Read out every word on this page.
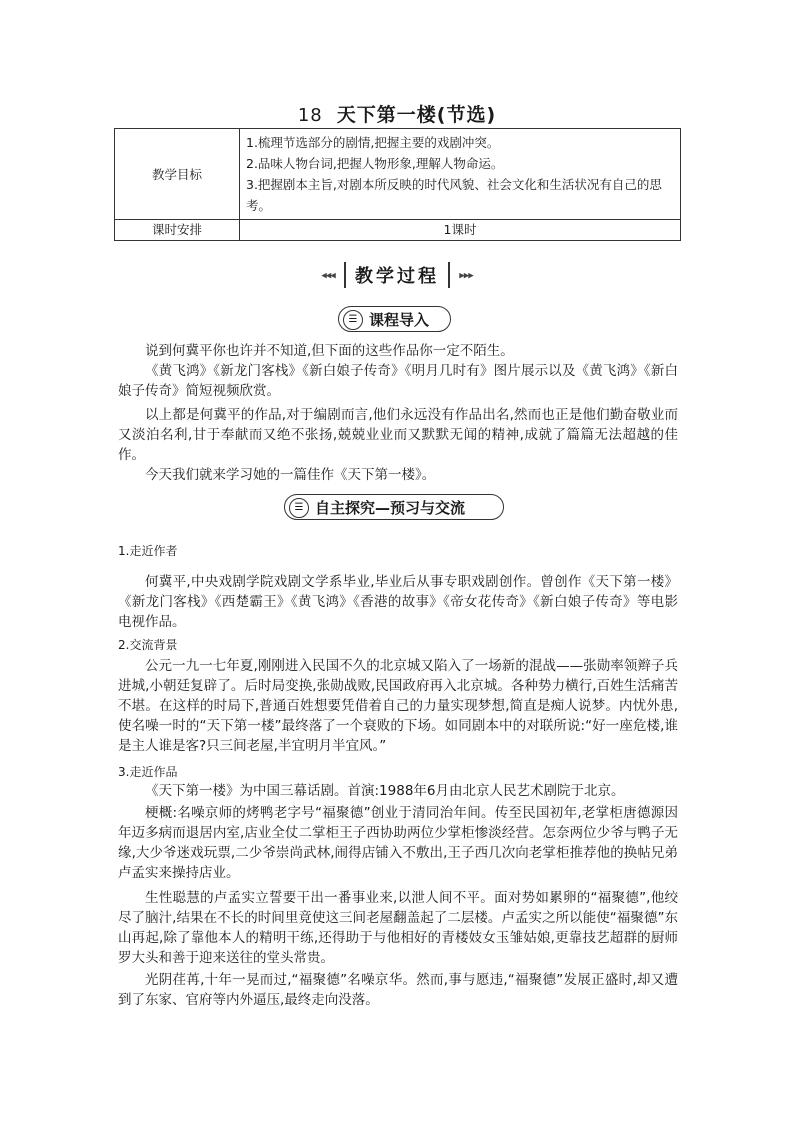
18 天下第一楼(节选)
教学目标	1.梳理节选部分的剧情,把握主要的戏剧冲突。
2.品味人物台词,把握人物形象,理解人物命运。
3.把握剧本主旨,对剧本所反映的时代风貌、社会文化和生活状况有自己的思考。

课时安排	1课时
◂◂◂ 教学过程 ▸▸▸
☰ 课程导入

说到何冀平你也许并不知道,但下面的这些作品你一定不陌生。

《黄飞鸿》《新龙门客栈》《新白娘子传奇》《明月几时有》图片展示以及《黄飞鸿》《新白娘子传奇》简短视频欣赏。

以上都是何冀平的作品,对于编剧而言,他们永远没有作品出名,然而也正是他们勤奋敬业而又淡泊名利,甘于奉献而又绝不张扬,兢兢业业而又默默无闻的精神,成就了篇篇无法超越的佳作。

今天我们就来学习她的一篇佳作《天下第一楼》。

☰ 自主探究—预习与交流
1.走近作者

何冀平,中央戏剧学院戏剧文学系毕业,毕业后从事专职戏剧创作。曾创作《天下第一楼》《新龙门客栈》《西楚霸王》《黄飞鸿》《香港的故事》《帝女花传奇》《新白娘子传奇》等电影电视作品。

2.交流背景

公元一九一七年夏,刚刚进入民国不久的北京城又陷入了一场新的混战——张勋率领辫子兵进城,小朝廷复辟了。后时局变换,张勋战败,民国政府再入北京城。各种势力横行,百姓生活痛苦不堪。在这样的时局下,普通百姓想要凭借着自己的力量实现梦想,简直是痴人说梦。内忧外患,使名噪一时的“天下第一楼”最终落了一个衰败的下场。如同剧本中的对联所说:“好一座危楼,谁是主人谁是客?只三间老屋,半宜明月半宜风。”

3.走近作品

《天下第一楼》为中国三幕话剧。首演:1988年6月由北京人民艺术剧院于北京。

梗概:名噪京师的烤鸭老字号“福聚德”创业于清同治年间。传至民国初年,老掌柜唐德源因年迈多病而退居内室,店业全仗二掌柜王子西协助两位少掌柜惨淡经营。怎奈两位少爷与鸭子无缘,大少爷迷戏玩票,二少爷崇尚武林,闹得店铺入不敷出,王子西几次向老掌柜推荐他的换帖兄弟卢孟实来操持店业。

生性聪慧的卢孟实立誓要干出一番事业来,以泄人间不平。面对势如累卵的“福聚德”,他绞尽了脑汁,结果在不长的时间里竟使这三间老屋翻盖起了二层楼。卢孟实之所以能使“福聚德”东山再起,除了靠他本人的精明干练,还得助于与他相好的青楼妓女玉雏姑娘,更靠技艺超群的厨师罗大头和善于迎来送往的堂头常贵。

光阴荏苒,十年一晃而过,“福聚德”名噪京华。然而,事与愿违,“福聚德”发展正盛时,却又遭到了东家、官府等内外逼压,最终走向没落。
